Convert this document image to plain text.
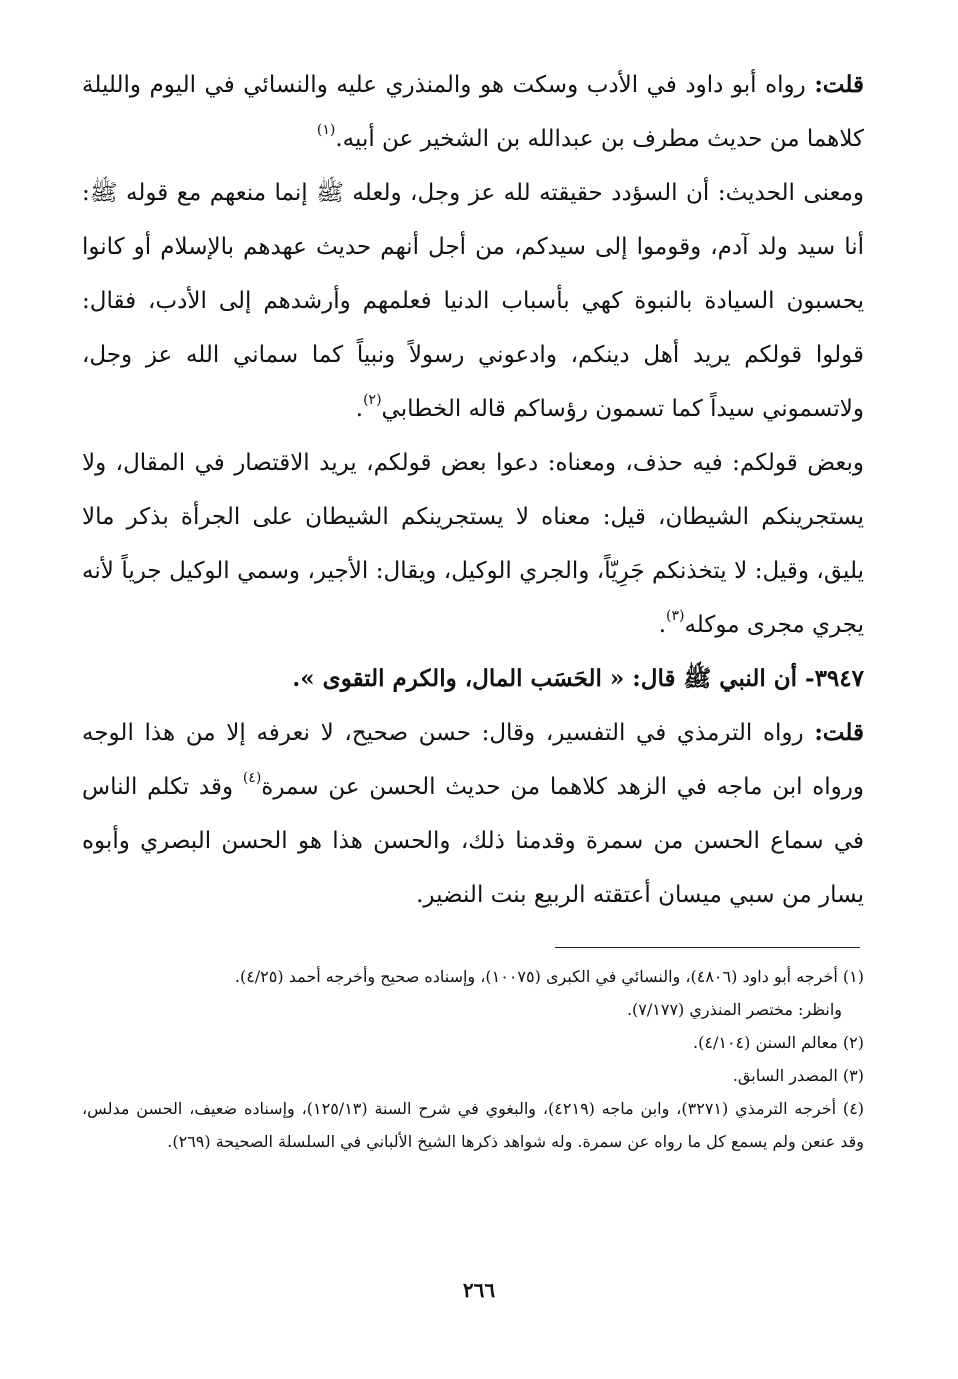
قلت: رواه أبو داود في الأدب وسكت هو والمنذري عليه والنسائي في اليوم والليلة كلاهما من حديث مطرف بن عبدالله بن الشخير عن أبيه.$^{(١)}$

ومعنى الحديث: أن السؤدد حقيقته لله عز وجل، ولعله ﷺ إنما منعهم مع قوله ﷺ: أنا سيد ولد آدم، وقوموا إلى سيدكم، من أجل أنهم حديث عهدهم بالإسلام أو كانوا يحسبون السيادة بالنبوة كهي بأسباب الدنيا فعلمهم وأرشدهم إلى الأدب، فقال: قولوا قولكم يريد أهل دينكم، وادعوني رسولاً ونبياً كما سماني الله عز وجل، ولاتسموني سيداً كما تسمون رؤساكم قاله الخطابي$^{(٢)}$.

وبعض قولكم: فيه حذف، ومعناه: دعوا بعض قولكم، يريد الاقتصار في المقال، ولا يستجرينكم الشيطان، قيل: معناه لا يستجرينكم الشيطان على الجرأة بذكر مالا يليق، وقيل: لا يتخذنكم جَرِيّاً، والجري الوكيل، ويقال: الأجير، وسمي الوكيل جرياً لأنه يجري مجرى موكله$^{(٣)}$.

٣٩٤٧- أن النبي ﷺ قال: « الحَسَب المال، والكرم التقوى ».

قلت: رواه الترمذي في التفسير، وقال: حسن صحيح، لا نعرفه إلا من هذا الوجه ورواه ابن ماجه في الزهد كلاهما من حديث الحسن عن سمرة$^{(٤)}$ وقد تكلم الناس في سماع الحسن من سمرة وقدمنا ذلك، والحسن هذا هو الحسن البصري وأبوه يسار من سبي ميسان أعتقته الربيع بنت النضير.

(١) أخرجه أبو داود (٤٨٠٦)، والنسائي في الكبرى (١٠٠٧٥)، وإسناده صحيح وأخرجه أحمد (٤/٢٥).

وانظر: مختصر المنذري (٧/١٧٧).

(٢) معالم السنن (٤/١٠٤).

(٣) المصدر السابق.

(٤) أخرجه الترمذي (٣٢٧١)، وابن ماجه (٤٢١٩)، والبغوي في شرح السنة (١٢٥/١٣)، وإسناده ضعيف، الحسن مدلس، وقد عنعن ولم يسمع كل ما رواه عن سمرة. وله شواهد ذكرها الشيخ الألباني في السلسلة الصحيحة (٢٦٩).

٢٦٦
